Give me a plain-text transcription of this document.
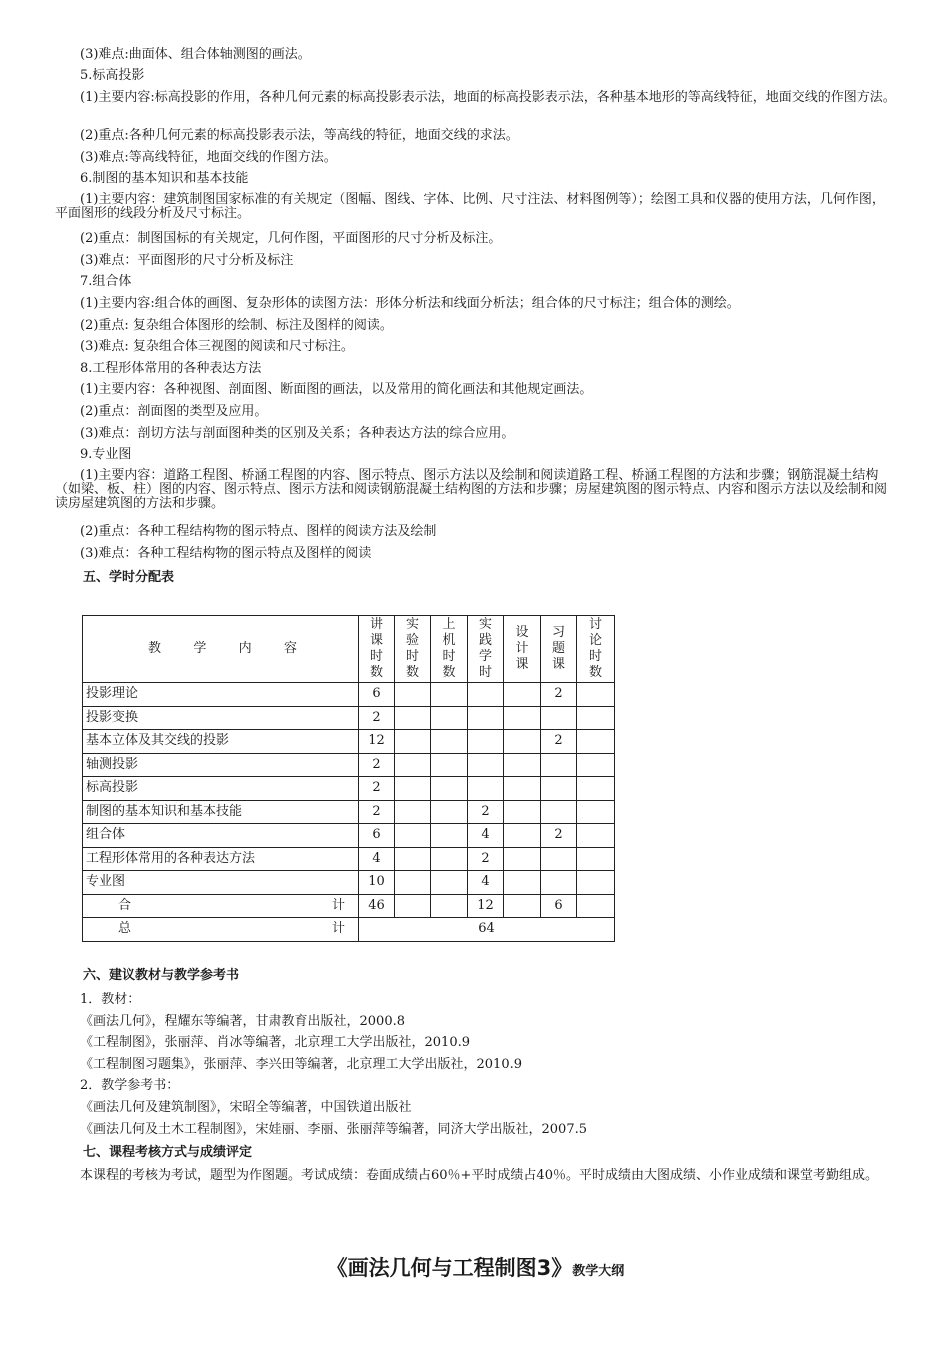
(3)难点:曲面体、组合体轴测图的画法。
5.标高投影
(1)主要内容:标高投影的作用，各种几何元素的标高投影表示法，地面的标高投影表示法，各种基本地形的等高线特征，地面交线的作图方法。
(2)重点:各种几何元素的标高投影表示法，等高线的特征，地面交线的求法。
(3)难点:等高线特征，地面交线的作图方法。
6.制图的基本知识和基本技能
(1)主要内容：建筑制图国家标准的有关规定（图幅、图线、字体、比例、尺寸注法、材料图例等）；绘图工具和仪器的使用方法，几何作图，平面图形的线段分析及尺寸标注。
(2)重点：制图国标的有关规定，几何作图，平面图形的尺寸分析及标注。
(3)难点：平面图形的尺寸分析及标注
7.组合体
(1)主要内容:组合体的画图、复杂形体的读图方法：形体分析法和线面分析法；组合体的尺寸标注；组合体的测绘。
(2)重点: 复杂组合体图形的绘制、标注及图样的阅读。
(3)难点: 复杂组合体三视图的阅读和尺寸标注。
8.工程形体常用的各种表达方法
(1)主要内容：各种视图、剖面图、断面图的画法，以及常用的简化画法和其他规定画法。
(2)重点：剖面图的类型及应用。
(3)难点：剖切方法与剖面图种类的区别及关系；各种表达方法的综合应用。
9.专业图
(1)主要内容：道路工程图、桥涵工程图的内容、图示特点、图示方法以及绘制和阅读道路工程、桥涵工程图的方法和步骤；钢筋混凝土结构（如梁、板、柱）图的内容、图示特点、图示方法和阅读钢筋混凝土结构图的方法和步骤；房屋建筑图的图示特点、内容和图示方法以及绘制和阅读房屋建筑图的方法和步骤。
(2)重点：各种工程结构物的图示特点、图样的阅读方法及绘制
(3)难点：各种工程结构物的图示特点及图样的阅读
五、学时分配表
教 学 内 容	讲课时数	实验时数	上机时数	实践学时	设计课	习题课	讨论时数
投影理论	6					2	
投影变换	2						
基本立体及其交线的投影	12					2	
轴测投影	2						
标高投影	2						
制图的基本知识和基本技能	2			2			
组合体	6			4		2	
工程形体常用的各种表达方法	4			2			
专业图	10			4			

合 计	46			12		6	

总 计	64						
六、建议教材与教学参考书
1．教材：
《画法几何》，程耀东等编著，甘肃教育出版社，2000.8
《工程制图》，张丽萍、肖冰等编著，北京理工大学出版社，2010.9
《工程制图习题集》，张丽萍、李兴田等编著，北京理工大学出版社，2010.9
2．教学参考书：
《画法几何及建筑制图》，宋昭全等编著，中国铁道出版社
《画法几何及土木工程制图》，宋娃丽、李丽、张丽萍等编著，同济大学出版社，2007.5
七、课程考核方式与成绩评定
本课程的考核为考试，题型为作图题。考试成绩：卷面成绩占60％+平时成绩占40％。平时成绩由大图成绩、小作业成绩和课堂考勤组成。
《画法几何与工程制图3》教学大纲
